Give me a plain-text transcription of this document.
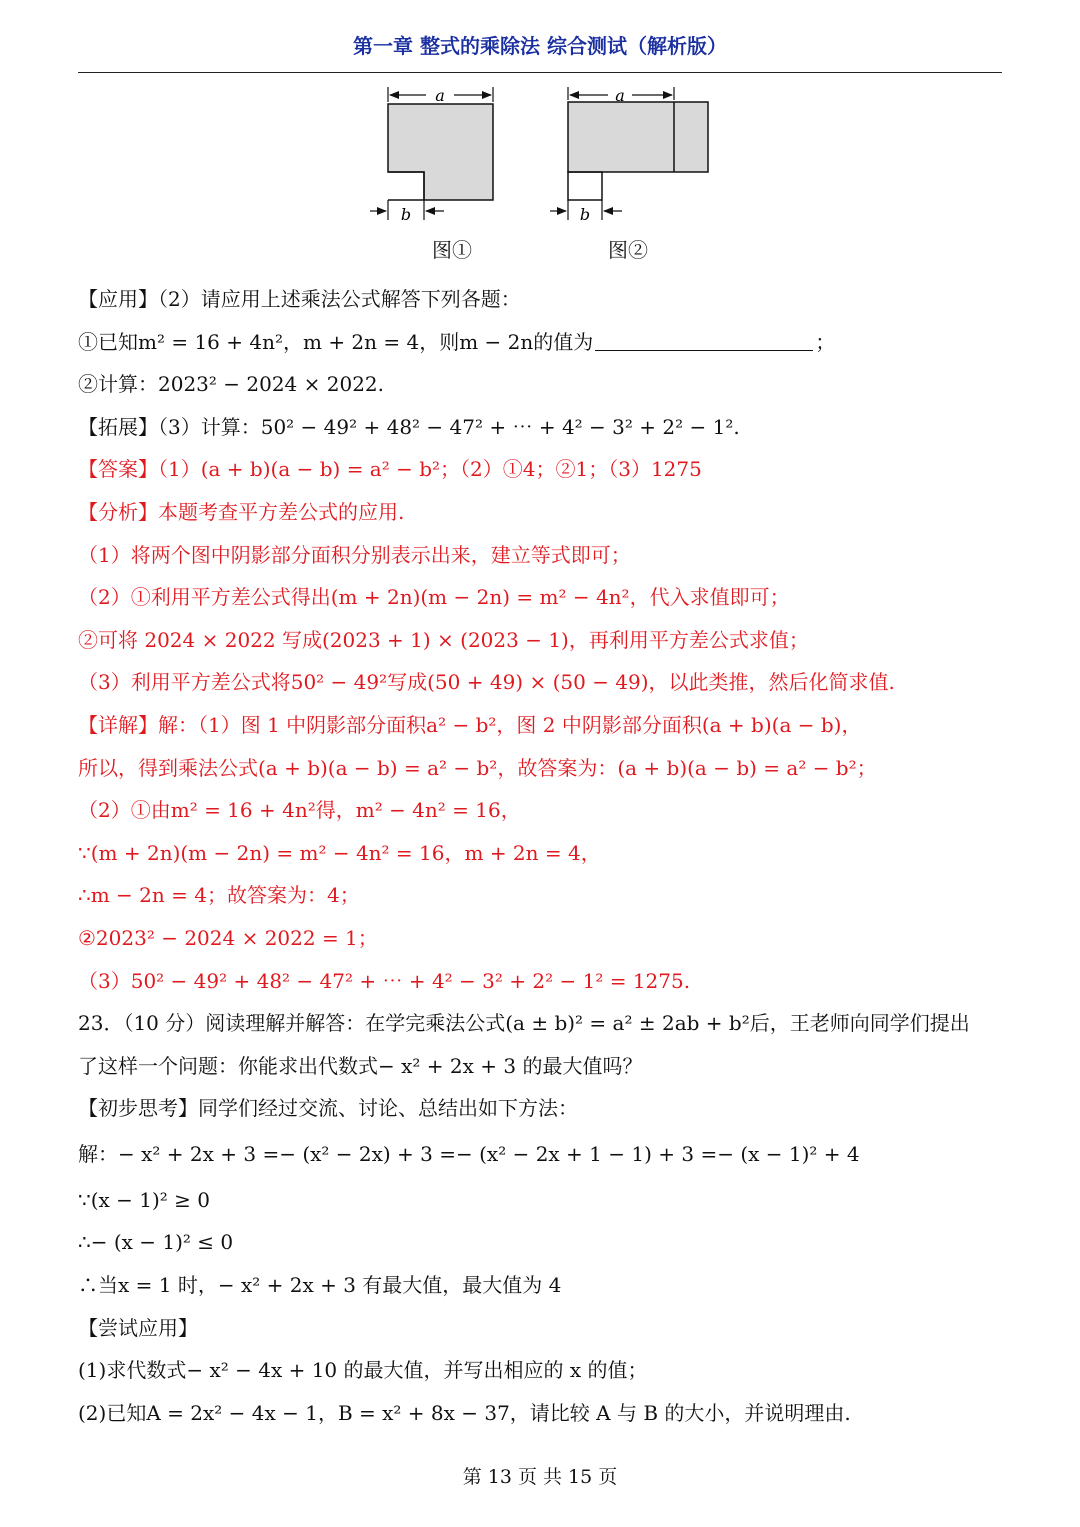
第一章 整式的乘除法 综合测试（解析版）
a
b
a
b
图①	图②
【应用】（2）请应用上述乘法公式解答下列各题：
①已知m² = 16 + 4n²，m + 2n = 4，则m − 2n的值为	；
②计算：2023² − 2024 × 2022.
【拓展】（3）计算：50² − 49² + 48² − 47² + ⋯ + 4² − 3² + 2² − 1².
【答案】（1）(a + b)(a − b) = a² − b²；（2）①4；②1；（3）1275
【分析】本题考查平方差公式的应用.
（1）将两个图中阴影部分面积分别表示出来，建立等式即可；
（2）①利用平方差公式得出(m + 2n)(m − 2n) = m² − 4n²，代入求值即可；
②可将 2024 × 2022 写成(2023 + 1) × (2023 − 1)，再利用平方差公式求值；
（3）利用平方差公式将50² − 49²写成(50 + 49) × (50 − 49)，以此类推，然后化简求值.
【详解】解：（1）图 1 中阴影部分面积a² − b²，图 2 中阴影部分面积(a + b)(a − b)，
所以，得到乘法公式(a + b)(a − b) = a² − b²，故答案为：(a + b)(a − b) = a² − b²；
（2）①由m² = 16 + 4n²得，m² − 4n² = 16，
∵(m + 2n)(m − 2n) = m² − 4n² = 16，m + 2n = 4，
∴m − 2n = 4；故答案为：4；
②2023² − 2024 × 2022 = 1；
（3）50² − 49² + 48² − 47² + ⋯ + 4² − 3² + 2² − 1² = 1275.
23．（10 分）阅读理解并解答：在学完乘法公式(a ± b)² = a² ± 2ab + b²后，王老师向同学们提出
了这样一个问题：你能求出代数式− x² + 2x + 3 的最大值吗？
【初步思考】同学们经过交流、讨论、总结出如下方法：
解：− x² + 2x + 3 =− (x² − 2x) + 3 =− (x² − 2x + 1 − 1) + 3 =− (x − 1)² + 4
∵(x − 1)² ≥ 0
∴− (x − 1)² ≤ 0
∴当x = 1 时，− x² + 2x + 3 有最大值，最大值为 4
【尝试应用】
(1)求代数式− x² − 4x + 10 的最大值，并写出相应的 x 的值；
(2)已知A = 2x² − 4x − 1，B = x² + 8x − 37，请比较 A 与 B 的大小，并说明理由.
第 13 页 共 15 页
